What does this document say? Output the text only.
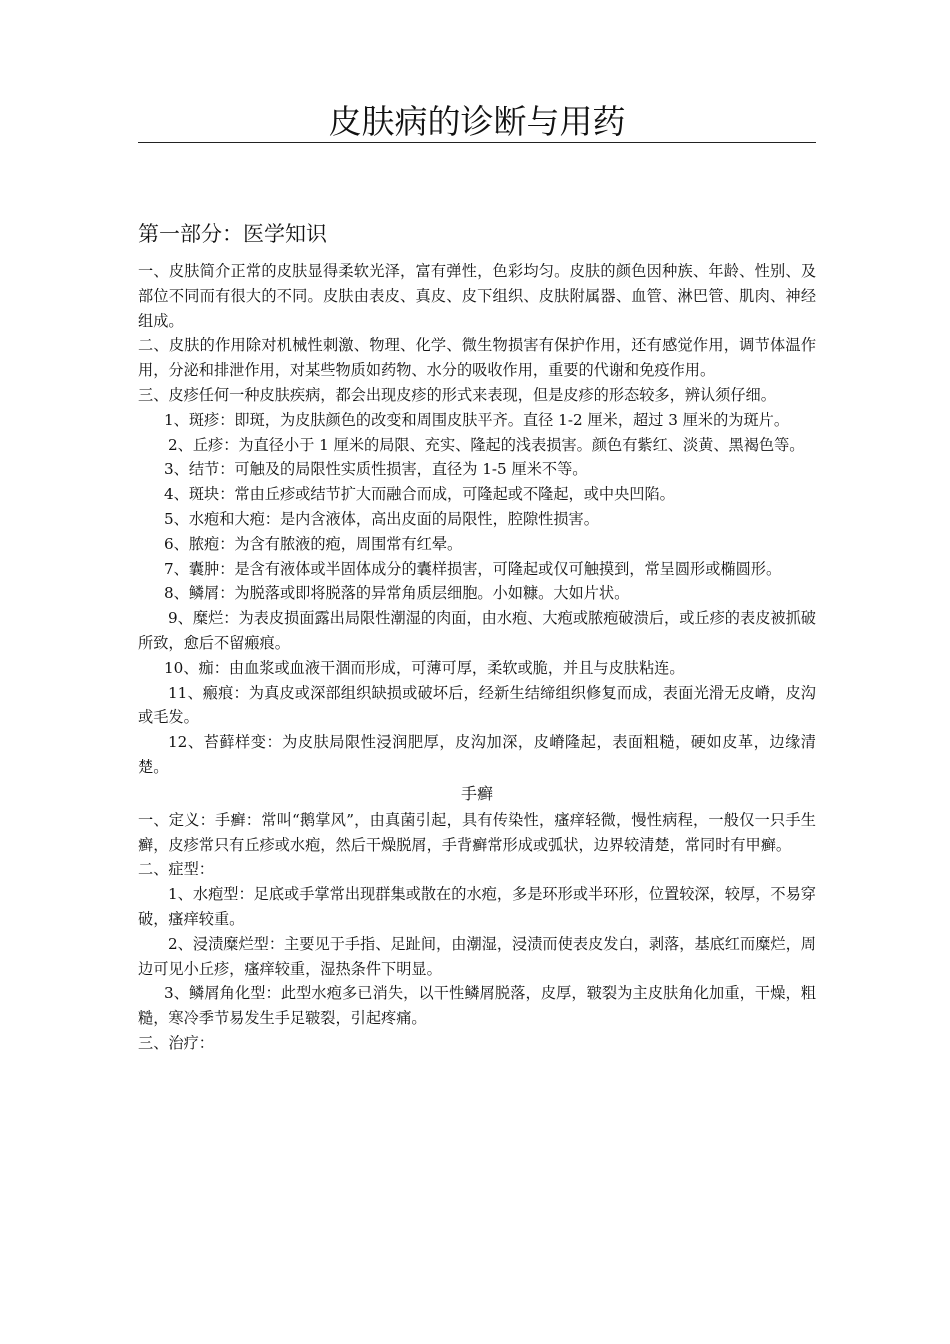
皮肤病的诊断与用药
第一部分：医学知识

一、皮肤简介正常的皮肤显得柔软光泽，富有弹性，色彩均匀。皮肤的颜色因种族、年龄、性别、及部位不同而有很大的不同。皮肤由表皮、真皮、皮下组织、皮肤附属器、血管、淋巴管、肌肉、神经组成。

二、皮肤的作用除对机械性刺激、物理、化学、微生物损害有保护作用，还有感觉作用，调节体温作用，分泌和排泄作用，对某些物质如药物、水分的吸收作用，重要的代谢和免疫作用。

三、皮疹任何一种皮肤疾病，都会出现皮疹的形式来表现，但是皮疹的形态较多，辨认须仔细。

1、斑疹：即斑，为皮肤颜色的改变和周围皮肤平齐。直径 1-2 厘米，超过 3 厘米的为斑片。

2、丘疹：为直径小于 1 厘米的局限、充实、隆起的浅表损害。颜色有紫红、淡黄、黑褐色等。

3、结节：可触及的局限性实质性损害，直径为 1-5 厘米不等。

4、斑块：常由丘疹或结节扩大而融合而成，可隆起或不隆起，或中央凹陷。

5、水疱和大疱：是内含液体，高出皮面的局限性，腔隙性损害。

6、脓疱：为含有脓液的疱，周围常有红晕。

7、囊肿：是含有液体或半固体成分的囊样损害，可隆起或仅可触摸到，常呈圆形或椭圆形。

8、鳞屑：为脱落或即将脱落的异常角质层细胞。小如糠。大如片状。

9、糜烂：为表皮损面露出局限性潮湿的肉面，由水疱、大疱或脓疱破溃后，或丘疹的表皮被抓破所致，愈后不留瘢痕。

10、痂：由血浆或血液干涸而形成，可薄可厚，柔软或脆，并且与皮肤粘连。

11、瘢痕：为真皮或深部组织缺损或破坏后，经新生结缔组织修复而成，表面光滑无皮嵴，皮沟或毛发。

12、苔藓样变：为皮肤局限性浸润肥厚，皮沟加深，皮嵴隆起，表面粗糙，硬如皮革，边缘清楚。

手癣

一、定义：手癣：常叫“鹅掌风”，由真菌引起，具有传染性，瘙痒轻微，慢性病程，一般仅一只手生癣，皮疹常只有丘疹或水疱，然后干燥脱屑，手背癣常形成或弧状，边界较清楚，常同时有甲癣。

二、症型：

1、水疱型：足底或手掌常出现群集或散在的水疱，多是环形或半环形，位置较深，较厚，不易穿破，瘙痒较重。

2、浸渍糜烂型：主要见于手指、足趾间，由潮湿，浸渍而使表皮发白，剥落，基底红而糜烂，周边可见小丘疹，瘙痒较重，湿热条件下明显。

3、鳞屑角化型：此型水疱多已消失，以干性鳞屑脱落，皮厚，皲裂为主皮肤角化加重，干燥，粗糙，寒冷季节易发生手足皲裂，引起疼痛。

三、治疗：
